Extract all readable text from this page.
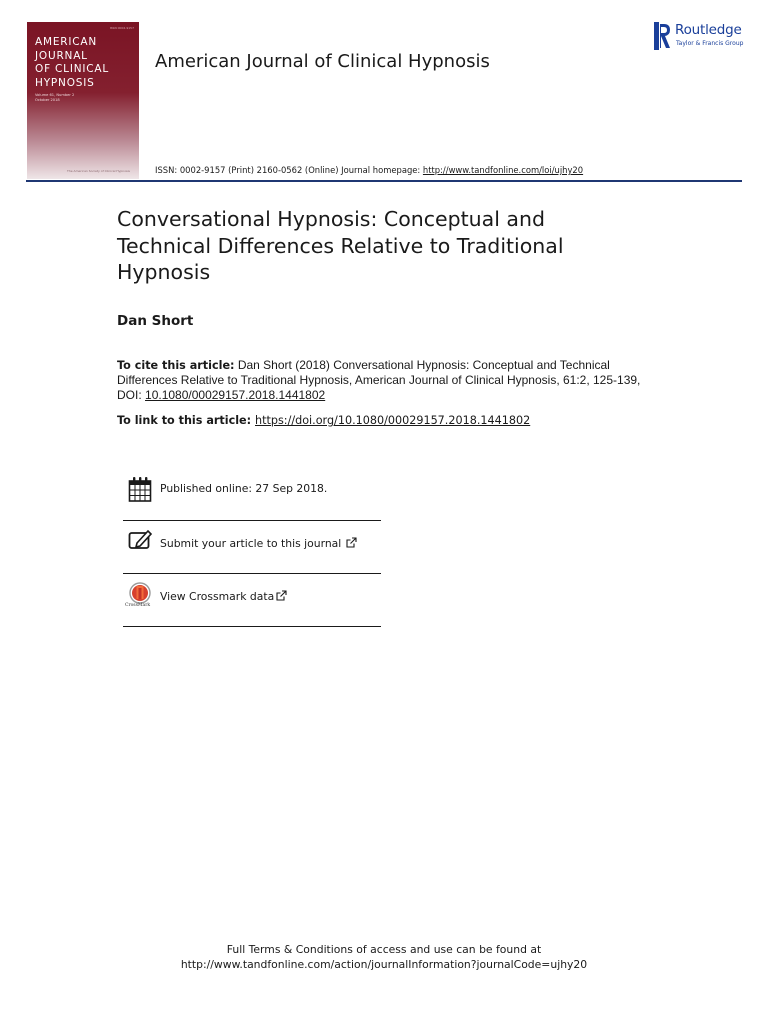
ISSN 0002-9157
AMERICAN
JOURNAL
OF CLINICAL
HYPNOSIS
Volume 61, Number 2
October 2018
The American Society of Clinical Hypnosis
American Journal of Clinical Hypnosis
Routledge
Taylor & Francis Group
ISSN: 0002-9157 (Print) 2160-0562 (Online) Journal homepage: http://www.tandfonline.com/loi/ujhy20
Conversational Hypnosis: Conceptual and Technical Differences Relative to Traditional Hypnosis
Dan Short
To cite this article: Dan Short (2018) Conversational Hypnosis: Conceptual and Technical Differences Relative to Traditional Hypnosis, American Journal of Clinical Hypnosis, 61:2, 125-139, DOI: 10.1080/00029157.2018.1441802
To link to this article: https://doi.org/10.1080/00029157.2018.1441802
Published online: 27 Sep 2018.
Submit your article to this journal
CrossMark
View Crossmark data
Full Terms & Conditions of access and use can be found at
http://www.tandfonline.com/action/journalInformation?journalCode=ujhy20
